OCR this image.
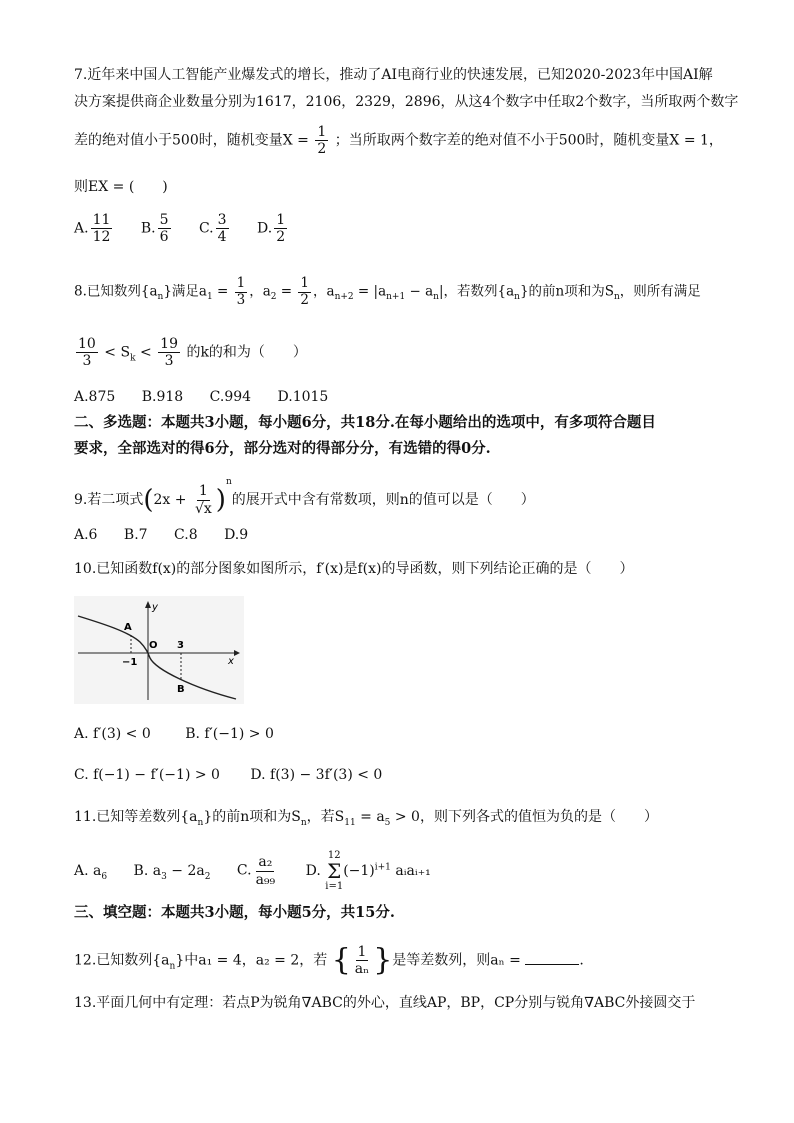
7.近年来中国人工智能产业爆发式的增长，推动了AI电商行业的快速发展，已知2020-2023年中国AI解
决方案提供商企业数量分别为1617，2106，2329，2896，从这4个数字中任取2个数字，当所取两个数字
差的绝对值小于500时，随机变量$X = \frac{1}{2}$ ；当所取两个数字差的绝对值不小于500时，随机变量X = 1，
则EX = (　　)
A. $\frac{11}{12} B$. $\frac{5}{6} C$. $\frac{3}{4} D$. $\frac{1}{2}$
8.已知数列$\{a_n\}$满足$a_1 = \frac{1}{3}$ ，$a_2 = \frac{1}{2}$ ，$a_{n+2} = |a_{n+1} - a_n|$，若数列$\{a_n\}$的前n项和为$S_n$，则所有满足
$\frac{10}{3} < S_k < \frac{19}{3}$ 的k的和为（　　）
A.875 B.918 C.994 D.1015
二、多选题：本题共3小题，每小题6分，共18分.在每小题给出的选项中，有多项符合题目
要求，全部选对的得6分，部分选对的得部分分，有选错的得0分.
9.若二项式$(2x + \frac{1}{√x} )^n$的展开式中含有常数项，则n的值可以是（　　）
A.6 B.7 C.8 D.9
10.已知函数f(x)的部分图象如图所示，f′(x)是f(x)的导函数，则下列结论正确的是（　　）
y
x
O
A
B
−1
3
A. f′(3) < 0 B. f′(−1) > 0
C. f(−1) − f′(−1) > 0 D. f(3) − 3f′(3) < 0
11.已知等差数列$\{a_n\}$的前n项和为$S_n$，若$S_{11} = a_5 > 0$，则下列各式的值恒为负的是（　　）
A. $a_6$ B. $a_3 - 2a_2$ C. $\frac{\text{a₂}}{\text{a₉₉}} D$.
12
Σ
i=1
$(-1)^{i+1}$ aᵢaᵢ₊₁
三、填空题：本题共3小题，每小题5分，共15分.
12.已知数列$\{a_n\}$中a₁ = 4，a₂ = 2，若 { $\frac{1}{\text{aₙ}}$ }是等差数列，则aₙ =	.
13.平面几何中有定理：若点P为锐角∇ABC的外心，直线AP，BP，CP分别与锐角∇ABC外接圆交于
